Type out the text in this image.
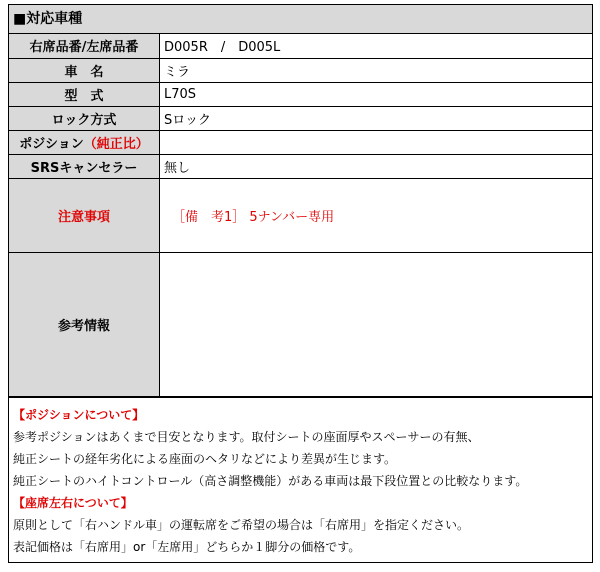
■対応車種
右席品番/左席品番	D005R　/　D005L
車　名	ミラ
型　式	L70S
ロック方式	Sロック
ポジション（純正比）	
SRSキャンセラー	無し
注意事項	［備　考1］ 5ナンバー専用
参考情報	
【ポジションについて】
参考ポジションはあくまで目安となります。取付シートの座面厚やスペーサーの有無、
純正シートの経年劣化による座面のヘタリなどにより差異が生じます。
純正シートのハイトコントロール（高さ調整機能）がある車両は最下段位置との比較なります。
【座席左右について】
原則として「右ハンドル車」の運転席をご希望の場合は「右席用」を指定ください。
表記価格は「右席用」or「左席用」どちらか１脚分の価格です。
